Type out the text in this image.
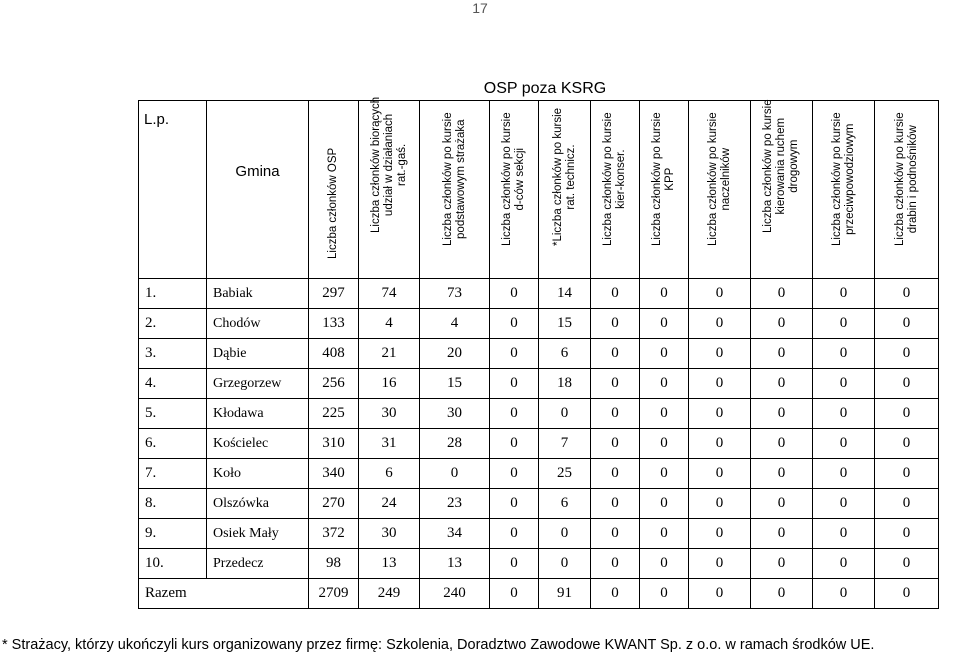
17
OSP poza KSRG
L.p.	Gmina	Liczba członków OSP	Liczba członków biorących udział w działaniach rat.-gaś.	Liczba członków po kursie podstawowym strażaka	Liczba członków po kursie d-ców sekcji	*Liczba członków po kursie rat. technicz.	Liczba członków po kursie kier-konser.	Liczba członków po kursie KPP	Liczba członków po kursie naczelników	Liczba członków po kursie kierowania ruchem drogowym	Liczba członków po kursie przeciwpowodziowym	Liczba członków po kursie drabin i podnośników

1.	Babiak	297	74	73	0	14	0	0	0	0	0	0
2.	Chodów	133	4	4	0	15	0	0	0	0	0	0
3.	Dąbie	408	21	20	0	6	0	0	0	0	0	0
4.	Grzegorzew	256	16	15	0	18	0	0	0	0	0	0
5.	Kłodawa	225	30	30	0	0	0	0	0	0	0	0
6.	Kościelec	310	31	28	0	7	0	0	0	0	0	0
7.	Koło	340	6	0	0	25	0	0	0	0	0	0
8.	Olszówka	270	24	23	0	6	0	0	0	0	0	0
9.	Osiek Mały	372	30	34	0	0	0	0	0	0	0	0
10.	Przedecz	98	13	13	0	0	0	0	0	0	0	0
Razem		2709	249	240	0	91	0	0	0	0	0	0
* Strażacy, którzy ukończyli kurs organizowany przez firmę: Szkolenia, Doradztwo Zawodowe KWANT Sp. z o.o. w ramach środków UE.
